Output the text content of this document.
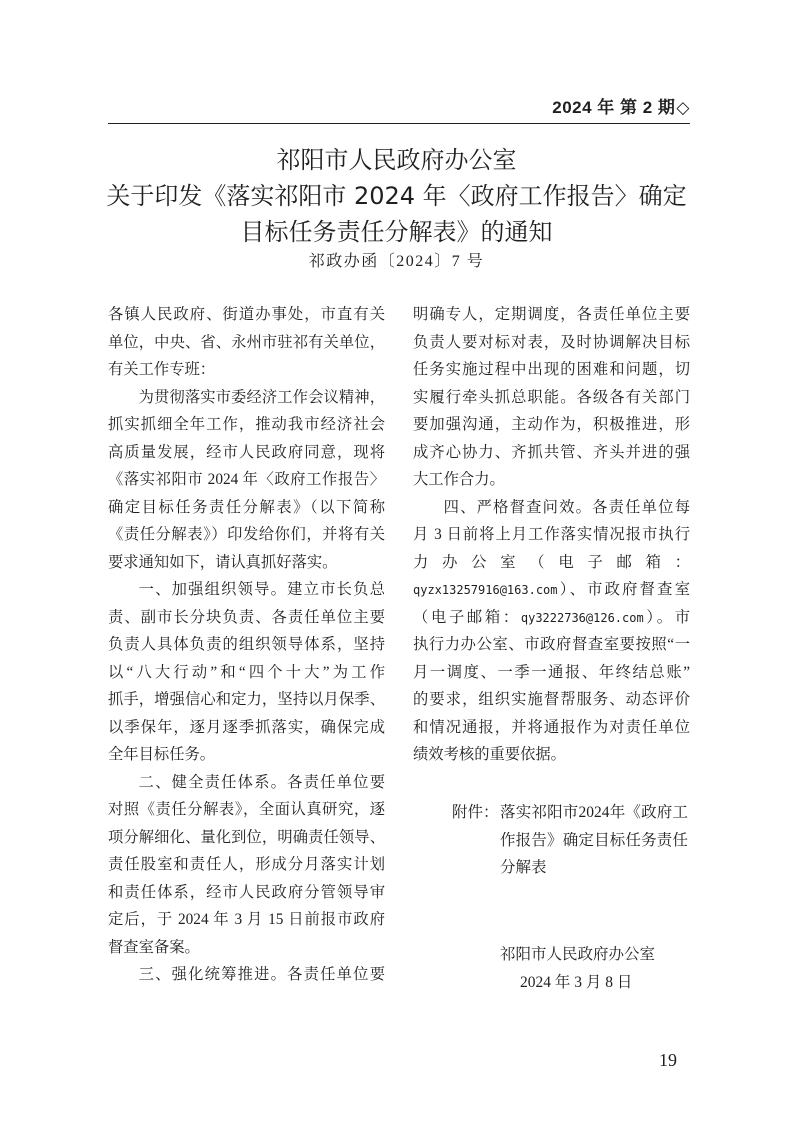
2024 年 第 2 期◇
祁阳市人民政府办公室
关于印发《落实祁阳市 2024 年〈政府工作报告〉确定
目标任务责任分解表》的通知
祁政办函〔2024〕7 号
各镇人民政府、街道办事处，市直有关
单位，中央、省、永州市驻祁有关单位，
有关工作专班：
为贯彻落实市委经济工作会议精神，
抓实抓细全年工作，推动我市经济社会
高质量发展，经市人民政府同意，现将
《落实祁阳市 2024 年〈政府工作报告〉
确定目标任务责任分解表》（以下简称
《责任分解表》）印发给你们，并将有关
要求通知如下，请认真抓好落实。
一、加强组织领导。建立市长负总
责、副市长分块负责、各责任单位主要
负责人具体负责的组织领导体系，坚持
以“八大行动”和“四个十大”为工作
抓手，增强信心和定力，坚持以月保季、
以季保年，逐月逐季抓落实，确保完成
全年目标任务。
二、健全责任体系。各责任单位要
对照《责任分解表》，全面认真研究，逐
项分解细化、量化到位，明确责任领导、
责任股室和责任人，形成分月落实计划
和责任体系，经市人民政府分管领导审
定后，于 2024 年 3 月 15 日前报市政府
督查室备案。
三、强化统筹推进。各责任单位要
明确专人，定期调度，各责任单位主要
负责人要对标对表，及时协调解决目标
任务实施过程中出现的困难和问题，切
实履行牵头抓总职能。各级各有关部门
要加强沟通，主动作为，积极推进，形
成齐心协力、齐抓共管、齐头并进的强
大工作合力。
四、严格督查问效。各责任单位每
月 3 日前将上月工作落实情况报市执行
力办公室（电子邮箱：
qyzx13257916@163.com）、市政府督查室
（电子邮箱：qy3222736@126.com）。市
执行力办公室、市政府督查室要按照“一
月一调度、一季一通报、年终结总账”
的要求，组织实施督帮服务、动态评价
和情况通报，并将通报作为对责任单位
绩效考核的重要依据。
附件： 落实祁阳市2024年《政府工
作报告》确定目标任务责任
分解表
祁阳市人民政府办公室
2024 年 3 月 8 日
19
